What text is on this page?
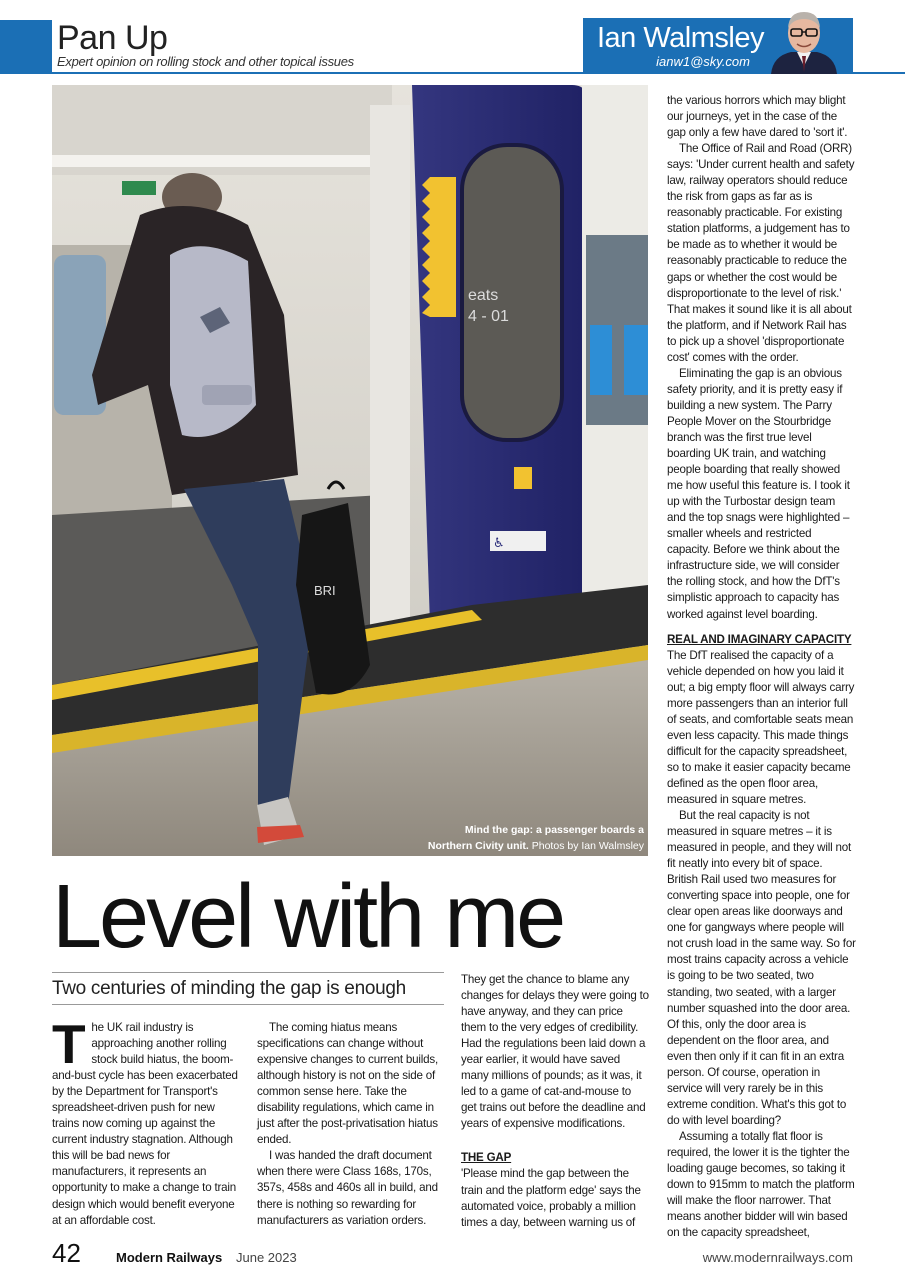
Pan Up
Expert opinion on rolling stock and other topical issues
Ian Walmsley
ianw1@sky.com
eats
4 - 01
♿
BRI
Mind the gap: a passenger boards a Northern Civity unit. Photos by Ian Walmsley
Level with me
Two centuries of minding the gap is enough

The UK rail industry is approaching another rolling stock build hiatus, the boom-and-bust cycle has been exacerbated by the Department for Transport's spreadsheet-driven push for new trains now coming up against the current industry stagnation. Although this will be bad news for manufacturers, it represents an opportunity to make a change to train design which would benefit everyone at an affordable cost.

The coming hiatus means specifications can change without expensive changes to current builds, although history is not on the side of common sense here. Take the disability regulations, which came in just after the post-privatisation hiatus ended.

I was handed the draft document when there were Class 168s, 170s, 357s, 458s and 460s all in build, and there is nothing so rewarding for manufacturers as variation orders.

They get the chance to blame any changes for delays they were going to have anyway, and they can price them to the very edges of credibility. Had the regulations been laid down a year earlier, it would have saved many millions of pounds; as it was, it led to a game of cat-and-mouse to get trains out before the deadline and years of expensive modifications.

THE GAP

'Please mind the gap between the train and the platform edge' says the automated voice, probably a million times a day, between warning us of

the various horrors which may blight our journeys, yet in the case of the gap only a few have dared to 'sort it'.

The Office of Rail and Road (ORR) says: 'Under current health and safety law, railway operators should reduce the risk from gaps as far as is reasonably practicable. For existing station platforms, a judgement has to be made as to whether it would be reasonably practicable to reduce the gaps or whether the cost would be disproportionate to the level of risk.' That makes it sound like it is all about the platform, and if Network Rail has to pick up a shovel 'disproportionate cost' comes with the order.

Eliminating the gap is an obvious safety priority, and it is pretty easy if building a new system. The Parry People Mover on the Stourbridge branch was the first true level boarding UK train, and watching people boarding that really showed me how useful this feature is. I took it up with the Turbostar design team and the top snags were highlighted – smaller wheels and restricted capacity. Before we think about the infrastructure side, we will consider the rolling stock, and how the DfT's simplistic approach to capacity has worked against level boarding.

REAL AND IMAGINARY CAPACITY

The DfT realised the capacity of a vehicle depended on how you laid it out; a big empty floor will always carry more passengers than an interior full of seats, and comfortable seats mean even less capacity. This made things difficult for the capacity spreadsheet, so to make it easier capacity became defined as the open floor area, measured in square metres.

But the real capacity is not measured in square metres – it is measured in people, and they will not fit neatly into every bit of space. British Rail used two measures for converting space into people, one for clear open areas like doorways and one for gangways where people will not crush load in the same way. So for most trains capacity across a vehicle is going to be two seated, two standing, two seated, with a larger number squashed into the door area. Of this, only the door area is dependent on the floor area, and even then only if it can fit in an extra person. Of course, operation in service will very rarely be in this extreme condition. What's this got to do with level boarding?

Assuming a totally flat floor is required, the lower it is the tighter the loading gauge becomes, so taking it down to 915mm to match the platform will make the floor narrower. That means another bidder will win based on the capacity spreadsheet,

42	Modern Railways June 2023	www.modernrailways.com
